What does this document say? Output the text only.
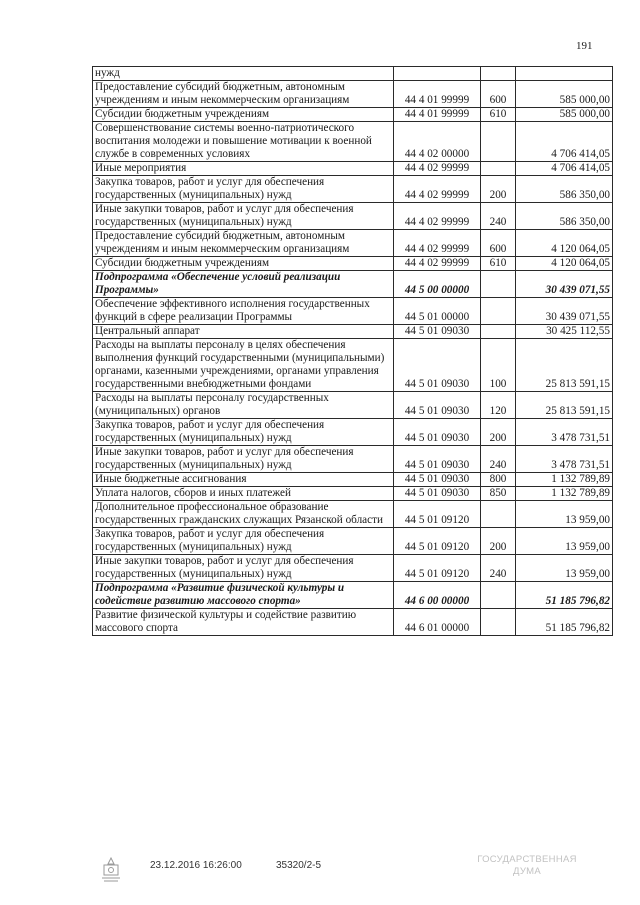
191
нужд			
Предоставление субсидий бюджетным, автономным учреждениям и иным некоммерческим организациям	44 4 01 99999	600	585 000,00
Субсидии бюджетным учреждениям	44 4 01 99999	610	585 000,00
Совершенствование системы военно-патриотического воспитания молодежи и повышение мотивации к военной службе в современных условиях	44 4 02 00000		4 706 414,05
Иные мероприятия	44 4 02 99999		4 706 414,05
Закупка товаров, работ и услуг для обеспечения государственных (муниципальных) нужд	44 4 02 99999	200	586 350,00
Иные закупки товаров, работ и услуг для обеспечения государственных (муниципальных) нужд	44 4 02 99999	240	586 350,00
Предоставление субсидий бюджетным, автономным учреждениям и иным некоммерческим организациям	44 4 02 99999	600	4 120 064,05
Субсидии бюджетным учреждениям	44 4 02 99999	610	4 120 064,05
Подпрограмма «Обеспечение условий реализации Программы»	44 5 00 00000		30 439 071,55
Обеспечение эффективного исполнения государственных функций в сфере реализации Программы	44 5 01 00000		30 439 071,55
Центральный аппарат	44 5 01 09030		30 425 112,55
Расходы на выплаты персоналу в целях обеспечения выполнения функций государственными (муниципальными) органами, казенными учреждениями, органами управления государственными внебюджетными фондами	44 5 01 09030	100	25 813 591,15
Расходы на выплаты персоналу государственных (муниципальных) органов	44 5 01 09030	120	25 813 591,15
Закупка товаров, работ и услуг для обеспечения государственных (муниципальных) нужд	44 5 01 09030	200	3 478 731,51
Иные закупки товаров, работ и услуг для обеспечения государственных (муниципальных) нужд	44 5 01 09030	240	3 478 731,51
Иные бюджетные ассигнования	44 5 01 09030	800	1 132 789,89
Уплата налогов, сборов и иных платежей	44 5 01 09030	850	1 132 789,89
Дополнительное профессиональное образование государственных гражданских служащих Рязанской области	44 5 01 09120		13 959,00
Закупка товаров, работ и услуг для обеспечения государственных (муниципальных) нужд	44 5 01 09120	200	13 959,00
Иные закупки товаров, работ и услуг для обеспечения государственных (муниципальных) нужд	44 5 01 09120	240	13 959,00
Подпрограмма «Развитие физической культуры и содействие развитию массового спорта»	44 6 00 00000		51 185 796,82
Развитие физической культуры и содействие развитию массового спорта	44 6 01 00000		51 185 796,82
23.12.2016 16:26:00	35320/2-5
ГОСУДАРСТВЕННАЯ
ДУМА
